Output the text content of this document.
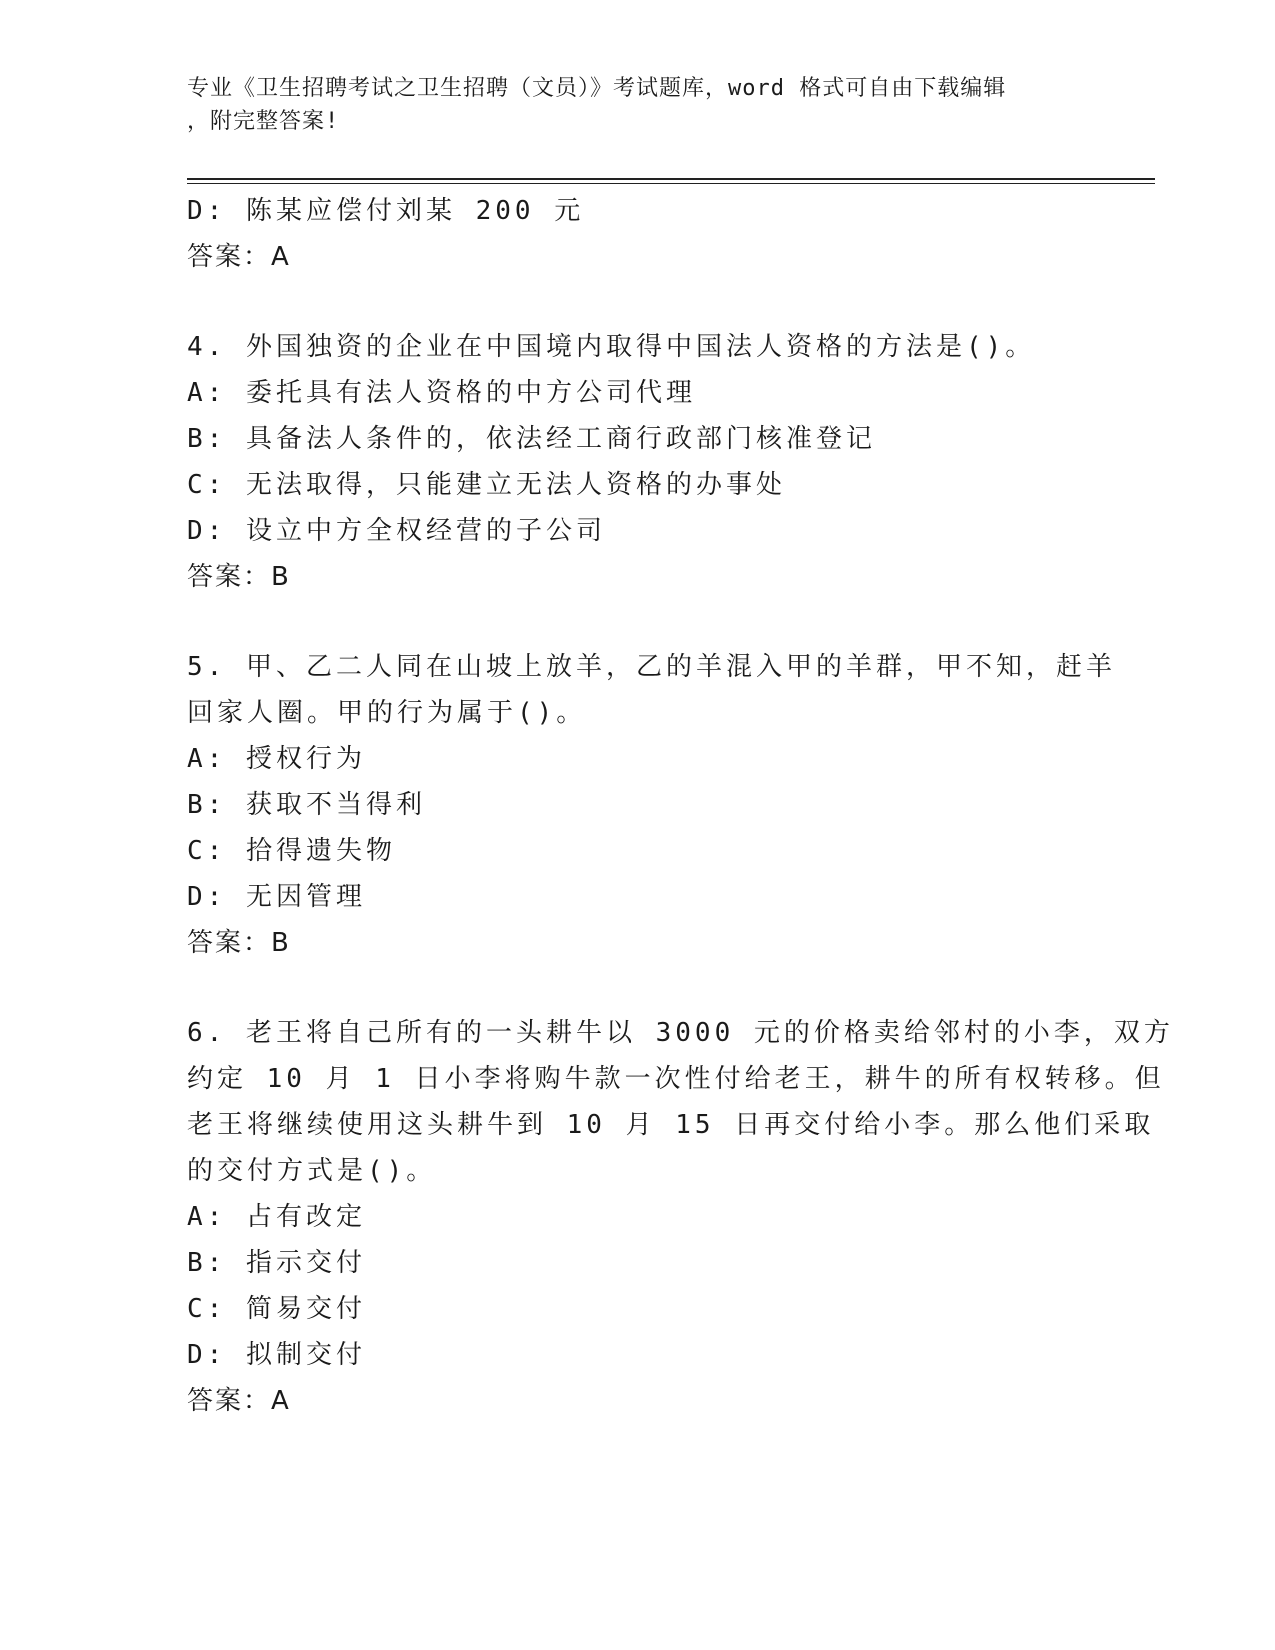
专业《卫生招聘考试之卫生招聘（文员）》考试题库，word 格式可自由下载编辑
，附完整答案!
D: 陈某应偿付刘某 200 元
答案：A
4. 外国独资的企业在中国境内取得中国法人资格的方法是()。
A: 委托具有法人资格的中方公司代理
B: 具备法人条件的，依法经工商行政部门核准登记
C: 无法取得，只能建立无法人资格的办事处
D: 设立中方全权经营的子公司
答案：B
5. 甲、乙二人同在山坡上放羊，乙的羊混入甲的羊群，甲不知，赶羊
回家人圈。甲的行为属于()。
A: 授权行为
B: 获取不当得利
C: 拾得遗失物
D: 无因管理
答案：B
6. 老王将自己所有的一头耕牛以 3000 元的价格卖给邻村的小李，双方
约定 10 月 1 日小李将购牛款一次性付给老王，耕牛的所有权转移。但
老王将继续使用这头耕牛到 10 月 15 日再交付给小李。那么他们采取
的交付方式是()。
A: 占有改定
B: 指示交付
C: 简易交付
D: 拟制交付
答案：A
